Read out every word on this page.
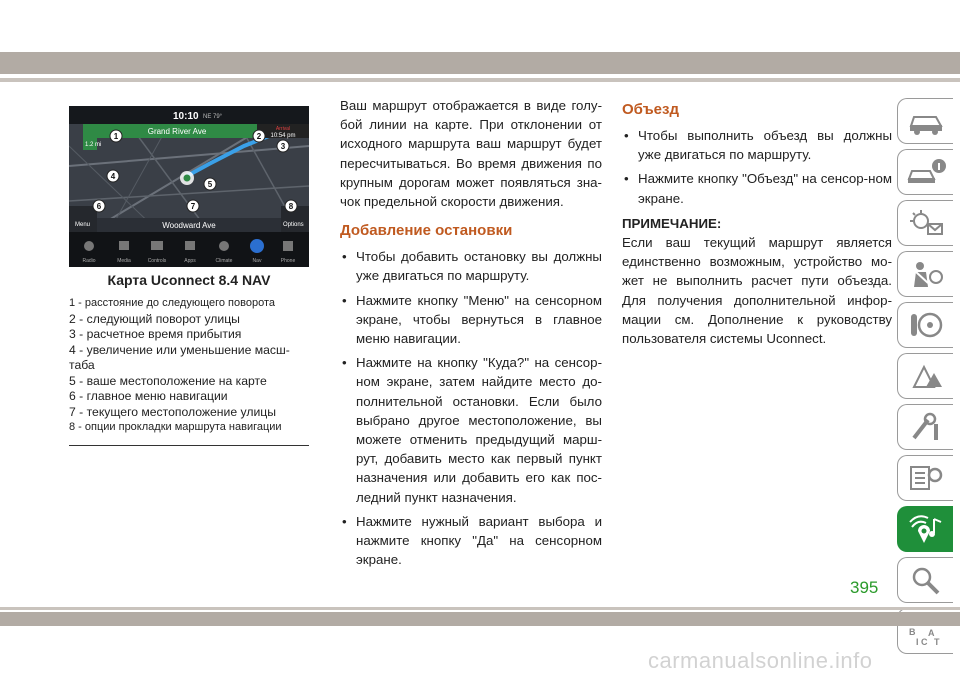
1	2
3
4
5
6	7	8
10:10 NE 79°
Grand River Ave
1.2 mi
Arrival
10:54 pm
Woodward Ave
Menu	Options
Radio	Media	Controls	Apps	Climate	Nav	Phone
Карта Uconnect 8.4 NAV
1 - расстояние до следующего поворота
2 - следующий поворот улицы
3 - расчетное время прибытия
4 - увеличение или уменьшение масш-
таба
5 - ваше местоположение на карте
6 - главное меню навигации
7 - текущего местоположение улицы
8 - опции прокладки маршрута навигации

Ваш маршрут отображается в виде голу-бой линии на карте. При отклонении от исходного маршрута ваш маршрут будет пересчитываться. Во время движения по крупным дорогам может появляться зна-чок предельной скорости движения.

Добавление остановки
• Чтобы добавить остановку вы должны уже двигаться по маршруту.
• Нажмите кнопку "Меню" на сенсорном экране, чтобы вернуться в главное меню навигации.
• Нажмите на кнопку "Куда?" на сенсор-ном экране, затем найдите место до-полнительной остановки. Если было выбрано другое местоположение, вы можете отменить предыдущий марш-рут, добавить место как первый пункт назначения или добавить его как пос-ледний пункт назначения.
• Нажмите нужный вариант выбора и нажмите кнопку "Да" на сенсорном экране.
Объезд
• Чтобы выполнить объезд вы должны уже двигаться по маршруту.
• Нажмите кнопку "Объезд" на сенсор-ном экране.

ПРИМЕЧАНИЕ:

Если ваш текущий маршрут является единственно возможным, устройство мо-жет не выполнить расчет пути объезда. Для получения дополнительной инфор-мации см. Дополнение к руководству пользователя системы Uconnect.

B A
I C T
395
carmanualsonline.info
